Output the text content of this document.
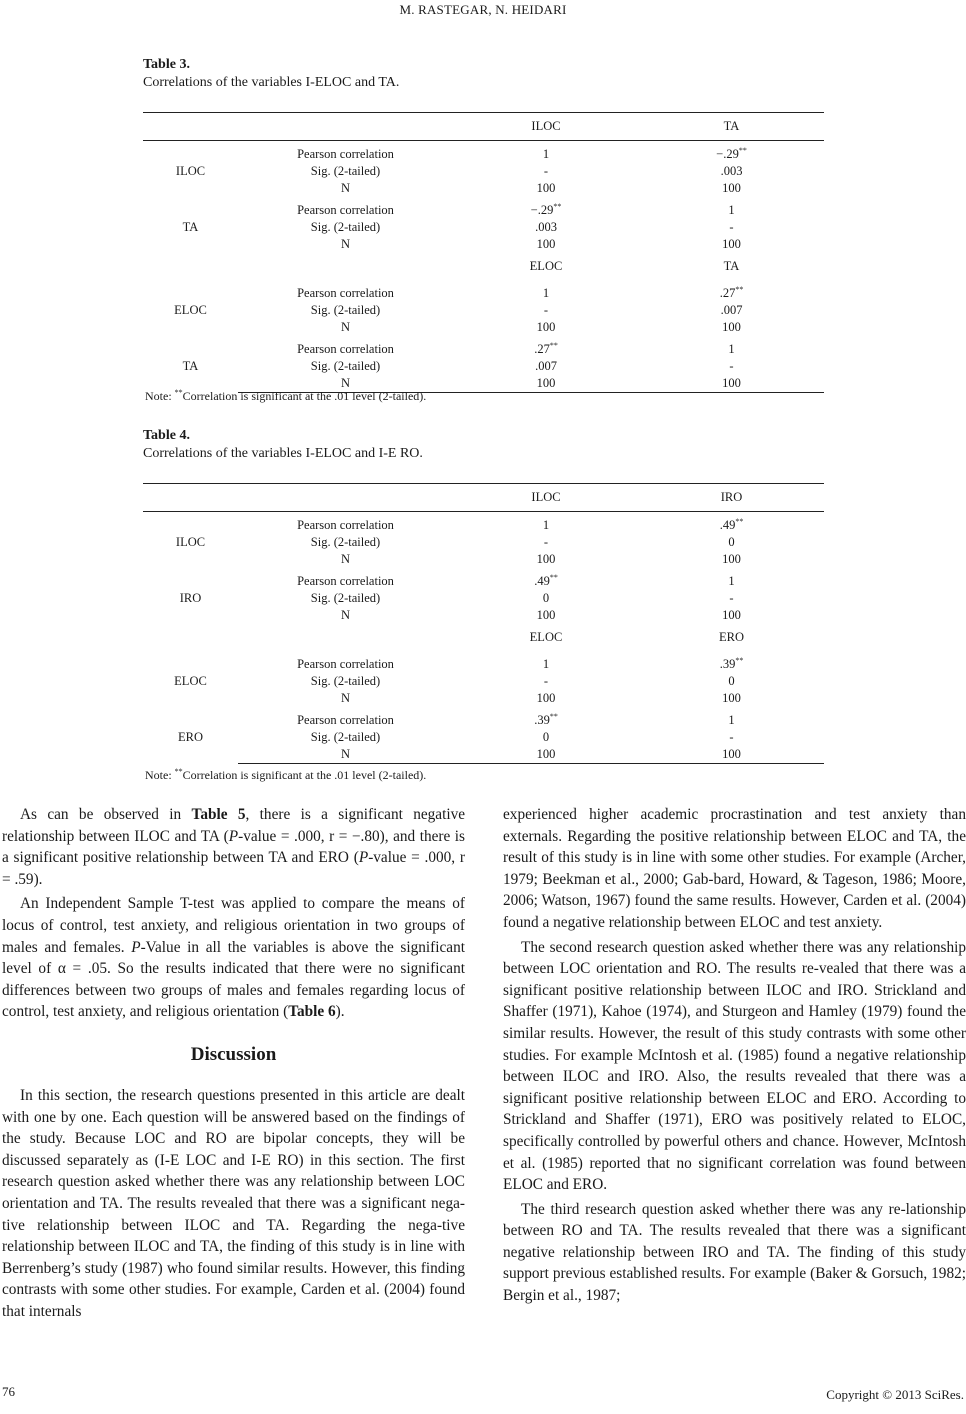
M. RASTEGAR, N. HEIDARI
Table 3.
Correlations of the variables I-ELOC and TA.
		ILOC	TA

ILOC	Pearson correlation	1	−.29**
	Sig. (2-tailed)	-	.003
	N	100	100

TA	Pearson correlation	−.29**	1
	Sig. (2-tailed)	.003	-
	N	100	100
		ELOC	TA

ELOC	Pearson correlation	1	.27**
	Sig. (2-tailed)	-	.007
	N	100	100

TA	Pearson correlation	.27**	1
	Sig. (2-tailed)	.007	-
	N	100	100
Note: **Correlation is significant at the .01 level (2-tailed).
Table 4.
Correlations of the variables I-ELOC and I-E RO.
		ILOC	IRO

ILOC	Pearson correlation	1	.49**
	Sig. (2-tailed)	-	0
	N	100	100

IRO	Pearson correlation	.49**	1
	Sig. (2-tailed)	0	-
	N	100	100
		ELOC	ERO

ELOC	Pearson correlation	1	.39**
	Sig. (2-tailed)	-	0
	N	100	100

ERO	Pearson correlation	.39**	1
	Sig. (2-tailed)	0	-
	N	100	100
Note: **Correlation is significant at the .01 level (2-tailed).

As can be observed in Table 5, there is a significant negative relationship between ILOC and TA (P-value = .000, r = −.80), and there is a significant positive relationship between TA and ERO (P-value = .000, r = .59).

An Independent Sample T-test was applied to compare the means of locus of control, test anxiety, and religious orientation in two groups of males and females. P-Value in all the variables is above the significant level of α = .05. So the results indicated that there were no significant differences between two groups of males and females regarding locus of control, test anxiety, and religious orientation (Table 6).

Discussion

In this section, the research questions presented in this article are dealt with one by one. Each question will be answered based on the findings of the study. Because LOC and RO are bipolar concepts, they will be discussed separately as (I-E LOC and I-E RO) in this section. The first research question asked whether there was any relationship between LOC orientation and TA. The results revealed that there was a significant nega-tive relationship between ILOC and TA. Regarding the nega-tive relationship between ILOC and TA, the finding of this study is in line with Berrenberg’s study (1987) who found similar results. However, this finding contrasts with some other studies. For example, Carden et al. (2004) found that internals

experienced higher academic procrastination and test anxiety than externals. Regarding the positive relationship between ELOC and TA, the result of this study is in line with some other studies. For example (Archer, 1979; Beekman et al., 2000; Gab-bard, Howard, & Tageson, 1986; Moore, 2006; Watson, 1967) found the same results. However, Carden et al. (2004) found a negative relationship between ELOC and test anxiety.

The second research question asked whether there was any relationship between LOC orientation and RO. The results re-vealed that there was a significant positive relationship between ILOC and IRO. Strickland and Shaffer (1971), Kahoe (1974), and Sturgeon and Hamley (1979) found the similar results. However, the result of this study contrasts with some other studies. For example McIntosh et al. (1985) found a negative relationship between ILOC and IRO. Also, the results revealed that there was a significant positive relationship between ELOC and ERO. According to Strickland and Shaffer (1971), ERO was positively related to ELOC, specifically controlled by powerful others and chance. However, McIntosh et al. (1985) reported that no significant correlation was found between ELOC and ERO.

The third research question asked whether there was any re-lationship between RO and TA. The results revealed that there was a significant negative relationship between IRO and TA. The finding of this study support previous established results. For example (Baker & Gorsuch, 1982; Bergin et al., 1987;

76	Copyright © 2013 SciRes.
